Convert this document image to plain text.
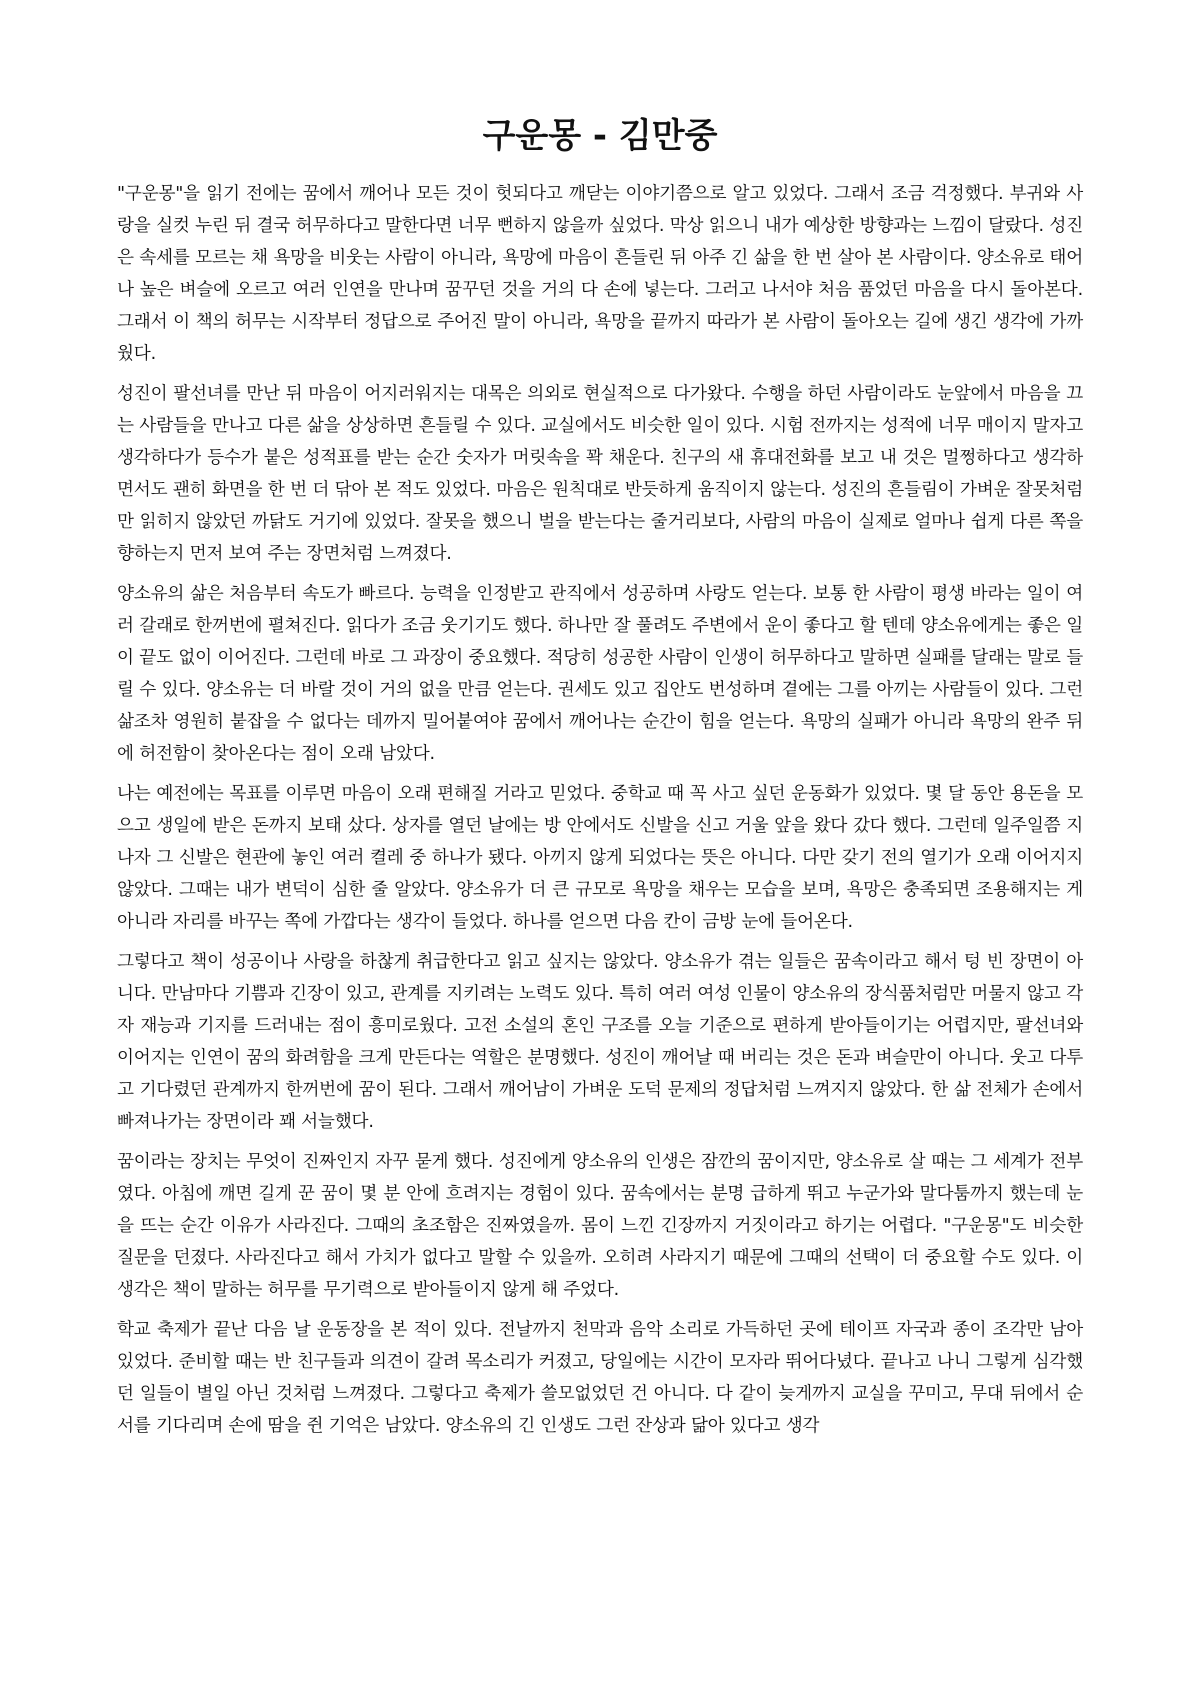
구운몽 - 김만중

"구운몽"을 읽기 전에는 꿈에서 깨어나 모든 것이 헛되다고 깨닫는 이야기쯤으로 알고 있었다. 그래서 조금 걱정했다. 부귀와 사랑을 실컷 누린 뒤 결국 허무하다고 말한다면 너무 뻔하지 않을까 싶었다. 막상 읽으니 내가 예상한 방향과는 느낌이 달랐다. 성진은 속세를 모르는 채 욕망을 비웃는 사람이 아니라, 욕망에 마음이 흔들린 뒤 아주 긴 삶을 한 번 살아 본 사람이다. 양소유로 태어나 높은 벼슬에 오르고 여러 인연을 만나며 꿈꾸던 것을 거의 다 손에 넣는다. 그러고 나서야 처음 품었던 마음을 다시 돌아본다. 그래서 이 책의 허무는 시작부터 정답으로 주어진 말이 아니라, 욕망을 끝까지 따라가 본 사람이 돌아오는 길에 생긴 생각에 가까웠다.

성진이 팔선녀를 만난 뒤 마음이 어지러워지는 대목은 의외로 현실적으로 다가왔다. 수행을 하던 사람이라도 눈앞에서 마음을 끄는 사람들을 만나고 다른 삶을 상상하면 흔들릴 수 있다. 교실에서도 비슷한 일이 있다. 시험 전까지는 성적에 너무 매이지 말자고 생각하다가 등수가 붙은 성적표를 받는 순간 숫자가 머릿속을 꽉 채운다. 친구의 새 휴대전화를 보고 내 것은 멀쩡하다고 생각하면서도 괜히 화면을 한 번 더 닦아 본 적도 있었다. 마음은 원칙대로 반듯하게 움직이지 않는다. 성진의 흔들림이 가벼운 잘못처럼만 읽히지 않았던 까닭도 거기에 있었다. 잘못을 했으니 벌을 받는다는 줄거리보다, 사람의 마음이 실제로 얼마나 쉽게 다른 쪽을 향하는지 먼저 보여 주는 장면처럼 느껴졌다.

양소유의 삶은 처음부터 속도가 빠르다. 능력을 인정받고 관직에서 성공하며 사랑도 얻는다. 보통 한 사람이 평생 바라는 일이 여러 갈래로 한꺼번에 펼쳐진다. 읽다가 조금 웃기기도 했다. 하나만 잘 풀려도 주변에서 운이 좋다고 할 텐데 양소유에게는 좋은 일이 끝도 없이 이어진다. 그런데 바로 그 과장이 중요했다. 적당히 성공한 사람이 인생이 허무하다고 말하면 실패를 달래는 말로 들릴 수 있다. 양소유는 더 바랄 것이 거의 없을 만큼 얻는다. 권세도 있고 집안도 번성하며 곁에는 그를 아끼는 사람들이 있다. 그런 삶조차 영원히 붙잡을 수 없다는 데까지 밀어붙여야 꿈에서 깨어나는 순간이 힘을 얻는다. 욕망의 실패가 아니라 욕망의 완주 뒤에 허전함이 찾아온다는 점이 오래 남았다.

나는 예전에는 목표를 이루면 마음이 오래 편해질 거라고 믿었다. 중학교 때 꼭 사고 싶던 운동화가 있었다. 몇 달 동안 용돈을 모으고 생일에 받은 돈까지 보태 샀다. 상자를 열던 날에는 방 안에서도 신발을 신고 거울 앞을 왔다 갔다 했다. 그런데 일주일쯤 지나자 그 신발은 현관에 놓인 여러 켤레 중 하나가 됐다. 아끼지 않게 되었다는 뜻은 아니다. 다만 갖기 전의 열기가 오래 이어지지 않았다. 그때는 내가 변덕이 심한 줄 알았다. 양소유가 더 큰 규모로 욕망을 채우는 모습을 보며, 욕망은 충족되면 조용해지는 게 아니라 자리를 바꾸는 쪽에 가깝다는 생각이 들었다. 하나를 얻으면 다음 칸이 금방 눈에 들어온다.

그렇다고 책이 성공이나 사랑을 하찮게 취급한다고 읽고 싶지는 않았다. 양소유가 겪는 일들은 꿈속이라고 해서 텅 빈 장면이 아니다. 만남마다 기쁨과 긴장이 있고, 관계를 지키려는 노력도 있다. 특히 여러 여성 인물이 양소유의 장식품처럼만 머물지 않고 각자 재능과 기지를 드러내는 점이 흥미로웠다. 고전 소설의 혼인 구조를 오늘 기준으로 편하게 받아들이기는 어렵지만, 팔선녀와 이어지는 인연이 꿈의 화려함을 크게 만든다는 역할은 분명했다. 성진이 깨어날 때 버리는 것은 돈과 벼슬만이 아니다. 웃고 다투고 기다렸던 관계까지 한꺼번에 꿈이 된다. 그래서 깨어남이 가벼운 도덕 문제의 정답처럼 느껴지지 않았다. 한 삶 전체가 손에서 빠져나가는 장면이라 꽤 서늘했다.

꿈이라는 장치는 무엇이 진짜인지 자꾸 묻게 했다. 성진에게 양소유의 인생은 잠깐의 꿈이지만, 양소유로 살 때는 그 세계가 전부였다. 아침에 깨면 길게 꾼 꿈이 몇 분 안에 흐려지는 경험이 있다. 꿈속에서는 분명 급하게 뛰고 누군가와 말다툼까지 했는데 눈을 뜨는 순간 이유가 사라진다. 그때의 초조함은 진짜였을까. 몸이 느낀 긴장까지 거짓이라고 하기는 어렵다. "구운몽"도 비슷한 질문을 던졌다. 사라진다고 해서 가치가 없다고 말할 수 있을까. 오히려 사라지기 때문에 그때의 선택이 더 중요할 수도 있다. 이 생각은 책이 말하는 허무를 무기력으로 받아들이지 않게 해 주었다.

학교 축제가 끝난 다음 날 운동장을 본 적이 있다. 전날까지 천막과 음악 소리로 가득하던 곳에 테이프 자국과 종이 조각만 남아 있었다. 준비할 때는 반 친구들과 의견이 갈려 목소리가 커졌고, 당일에는 시간이 모자라 뛰어다녔다. 끝나고 나니 그렇게 심각했던 일들이 별일 아닌 것처럼 느껴졌다. 그렇다고 축제가 쓸모없었던 건 아니다. 다 같이 늦게까지 교실을 꾸미고, 무대 뒤에서 순서를 기다리며 손에 땀을 쥔 기억은 남았다. 양소유의 긴 인생도 그런 잔상과 닮아 있다고 생각
